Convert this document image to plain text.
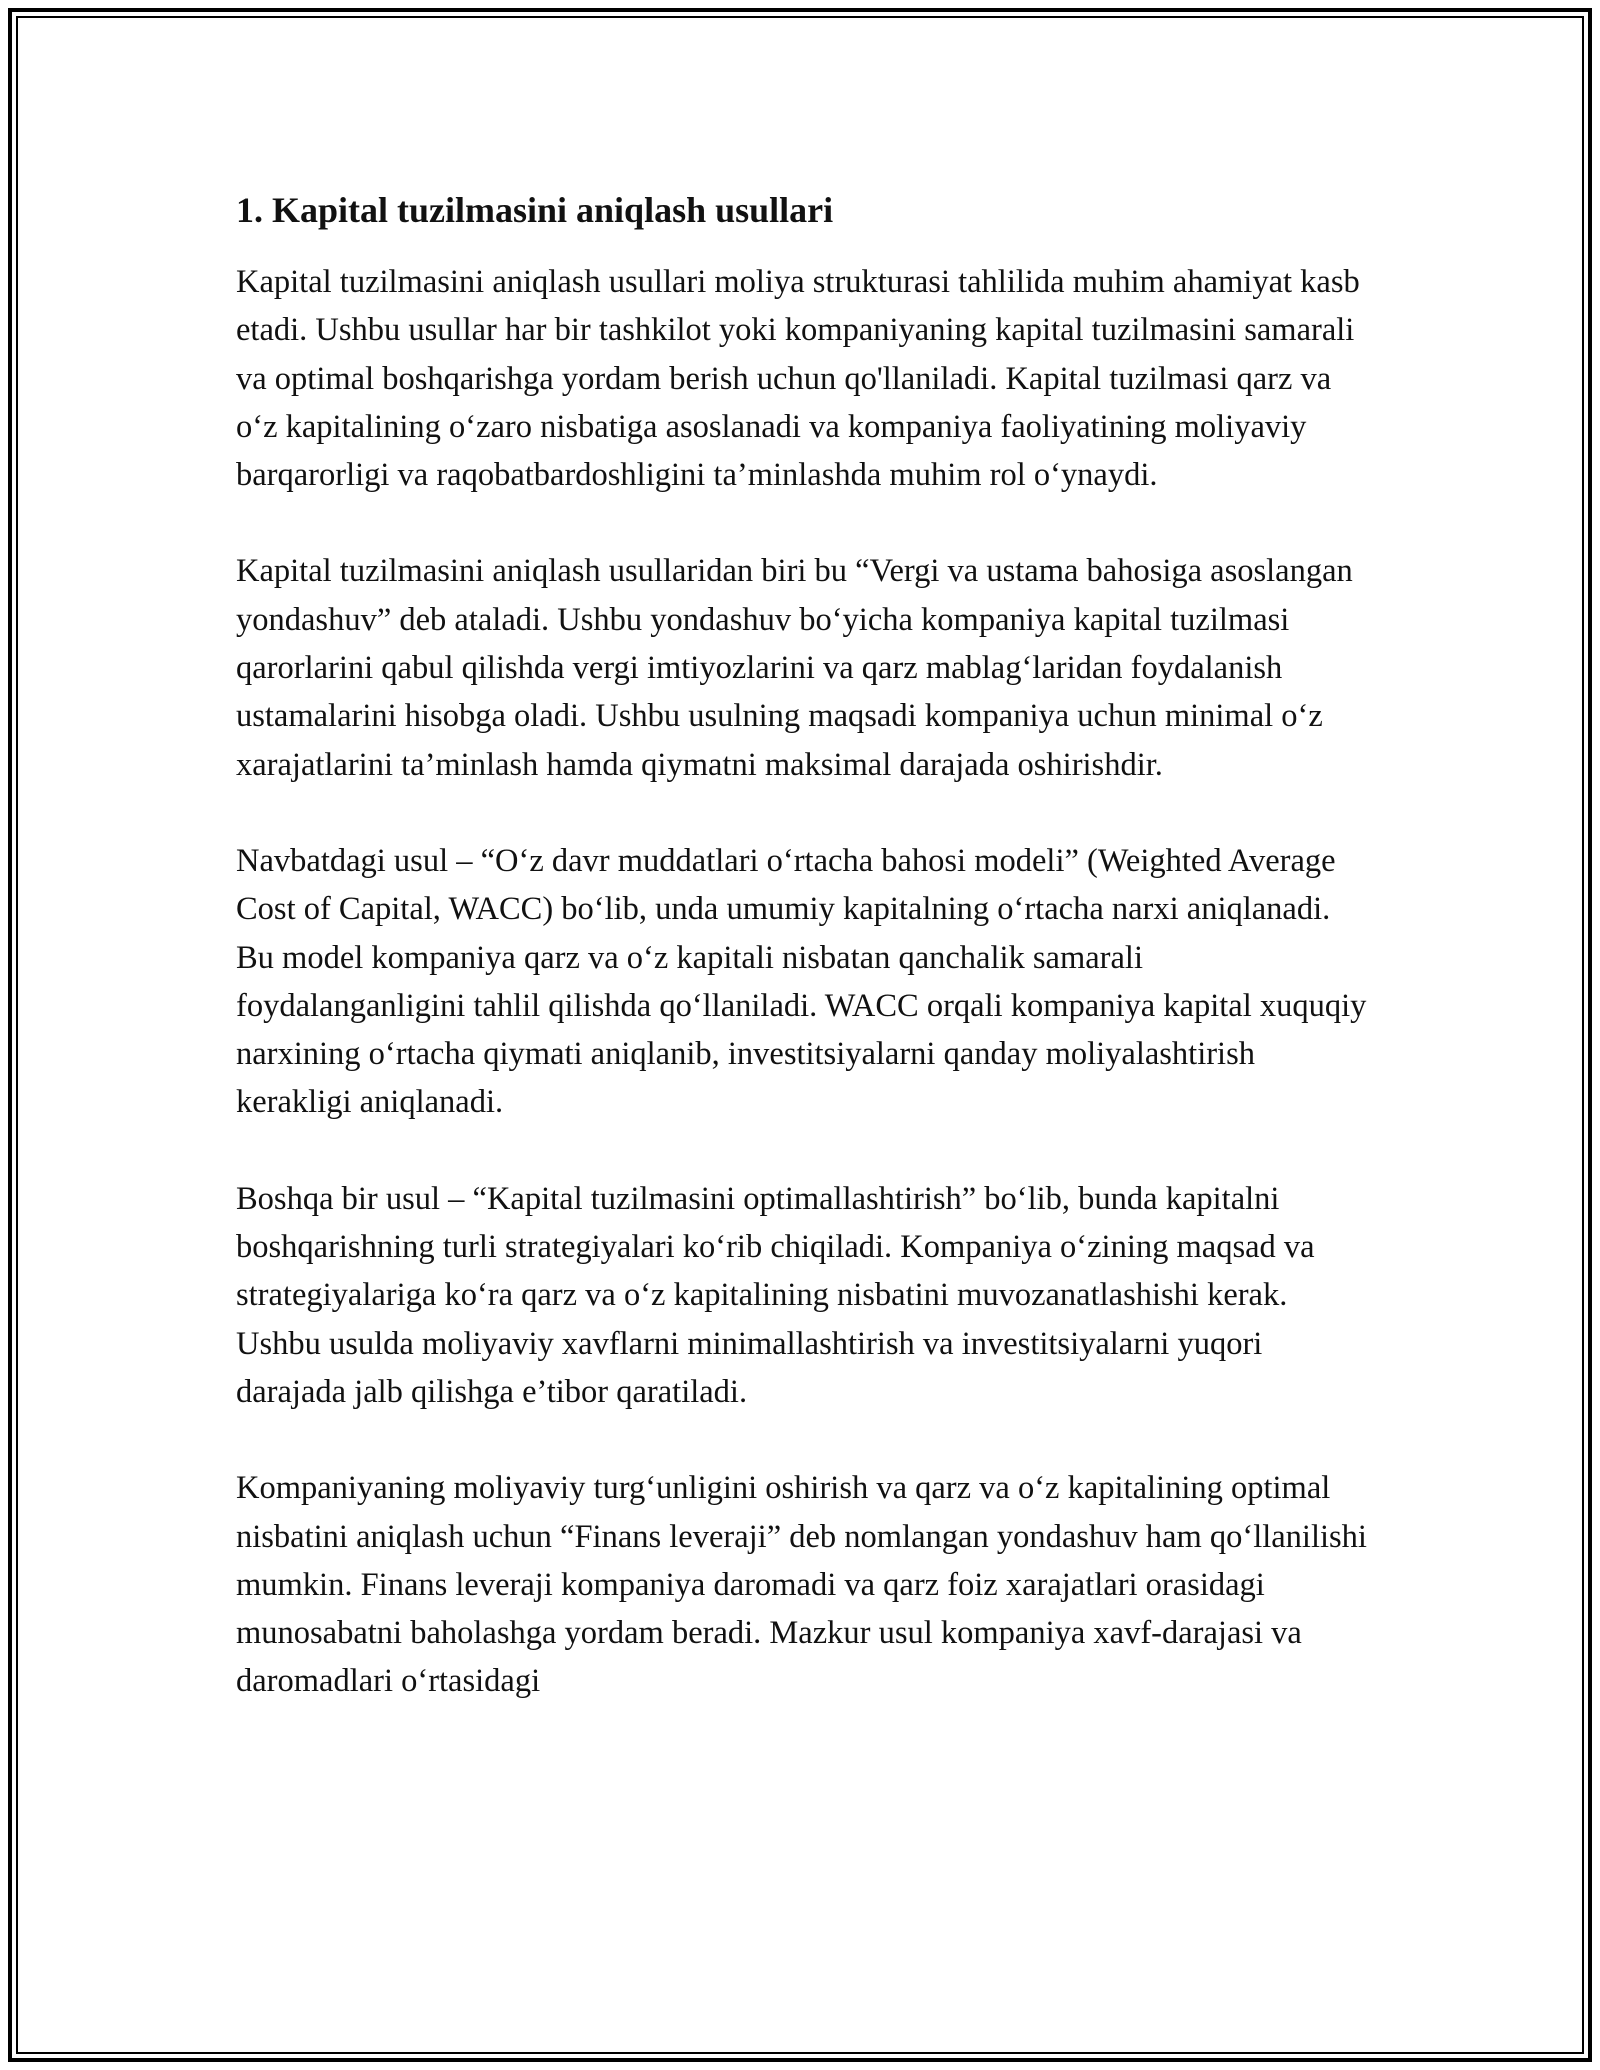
1. Kapital tuzilmasini aniqlash usullari

Kapital tuzilmasini aniqlash usullari moliya strukturasi tahlilida muhim ahamiyat kasb etadi. Ushbu usullar har bir tashkilot yoki kompaniyaning kapital tuzilmasini samarali va optimal boshqarishga yordam berish uchun qo'llaniladi. Kapital tuzilmasi qarz va o‘z kapitalining o‘zaro nisbatiga asoslanadi va kompaniya faoliyatining moliyaviy barqarorligi va raqobatbardoshligini ta’minlashda muhim rol o‘ynaydi.

Kapital tuzilmasini aniqlash usullaridan biri bu “Vergi va ustama bahosiga asoslangan yondashuv” deb ataladi. Ushbu yondashuv bo‘yicha kompaniya kapital tuzilmasi qarorlarini qabul qilishda vergi imtiyozlarini va qarz mablag‘laridan foydalanish ustamalarini hisobga oladi. Ushbu usulning maqsadi kompaniya uchun minimal o‘z xarajatlarini ta’minlash hamda qiymatni maksimal darajada oshirishdir.

Navbatdagi usul – “O‘z davr muddatlari o‘rtacha bahosi modeli” (Weighted Average Cost of Capital, WACC) bo‘lib, unda umumiy kapitalning o‘rtacha narxi aniqlanadi. Bu model kompaniya qarz va o‘z kapitali nisbatan qanchalik samarali foydalanganligini tahlil qilishda qo‘llaniladi. WACC orqali kompaniya kapital xuquqiy narxining o‘rtacha qiymati aniqlanib, investitsiyalarni qanday moliyalashtirish kerakligi aniqlanadi.

Boshqa bir usul – “Kapital tuzilmasini optimallashtirish” bo‘lib, bunda kapitalni boshqarishning turli strategiyalari ko‘rib chiqiladi. Kompaniya o‘zining maqsad va strategiyalariga ko‘ra qarz va o‘z kapitalining nisbatini muvozanatlashishi kerak. Ushbu usulda moliyaviy xavflarni minimallashtirish va investitsiyalarni yuqori darajada jalb qilishga e’tibor qaratiladi.

Kompaniyaning moliyaviy turg‘unligini oshirish va qarz va o‘z kapitalining optimal nisbatini aniqlash uchun “Finans leveraji” deb nomlangan yondashuv ham qo‘llanilishi mumkin. Finans leveraji kompaniya daromadi va qarz foiz xarajatlari orasidagi munosabatni baholashga yordam beradi. Mazkur usul kompaniya xavf-darajasi va daromadlari o‘rtasidagi
